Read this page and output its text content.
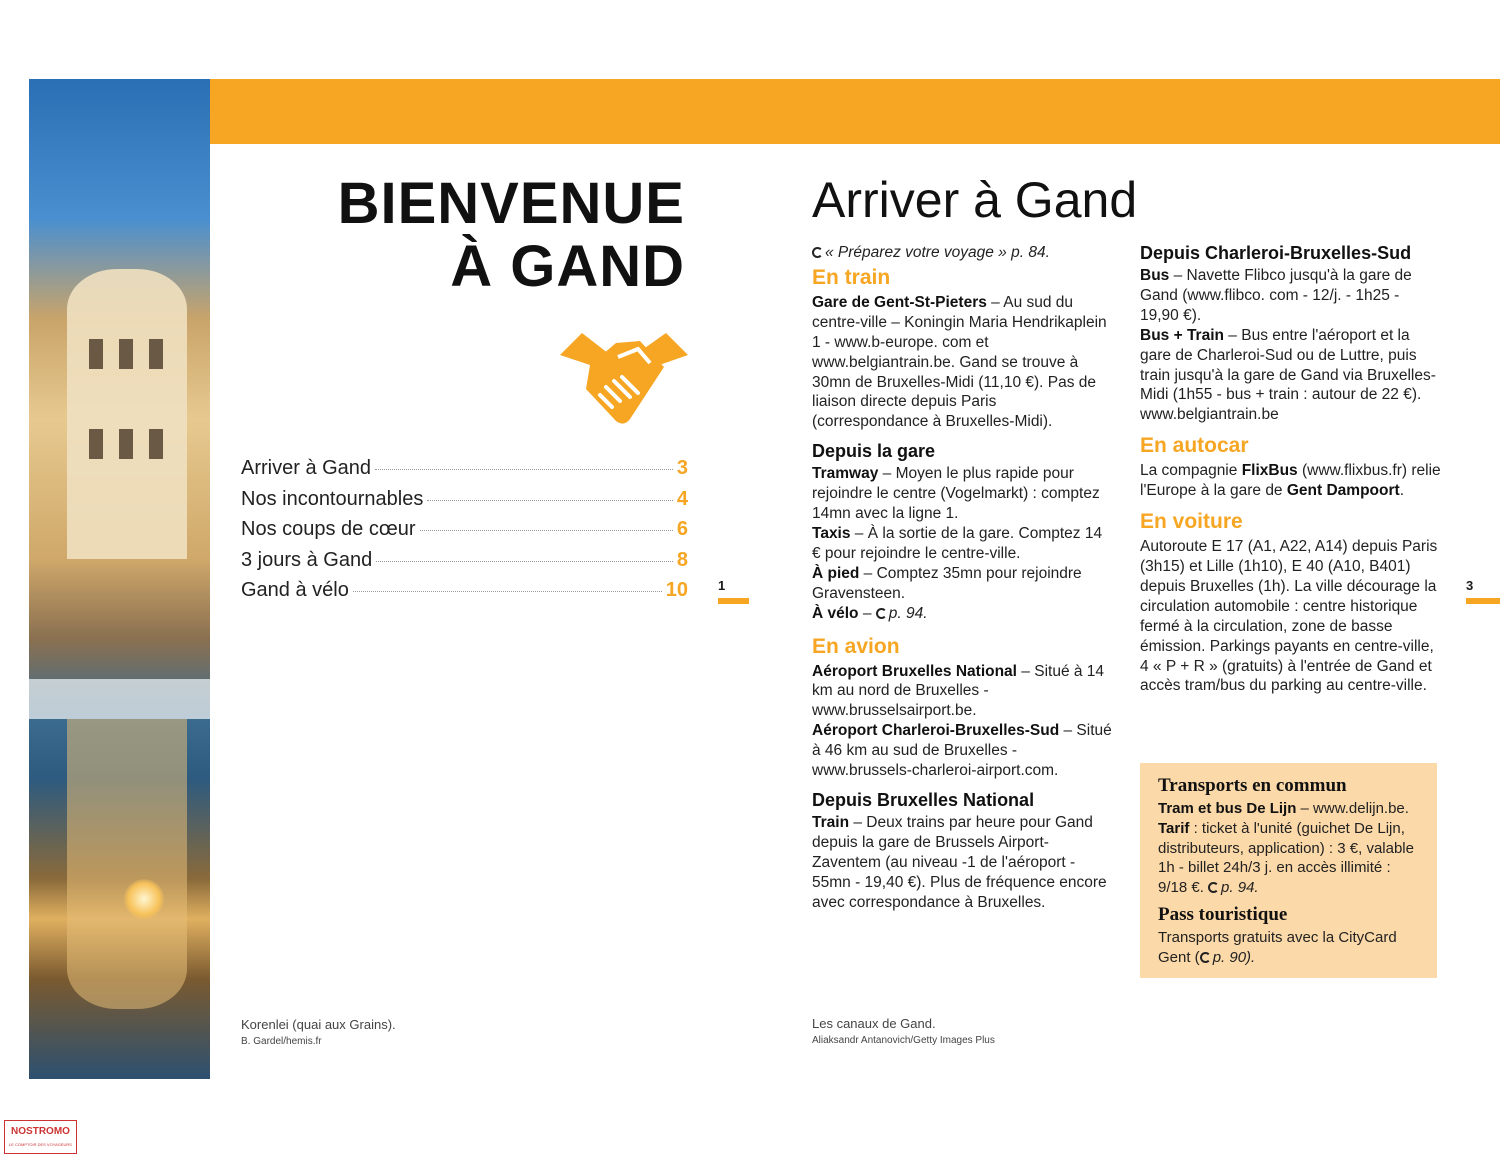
BIENVENUE
À GAND
Arriver à Gand	3
Nos incontournables	4
Nos coups de cœur	6
3 jours à Gand	8
Gand à vélo	10 1
Korenlei (quai aux Grains).
B. Gardel/hemis.fr
Arriver à Gand

« Préparez votre voyage » p. 84.

En train

Gare de Gent-St-Pieters – Au sud du centre-ville – Koningin Maria Hendrikaplein 1 - www.b-europe. com et www.belgiantrain.be. Gand se trouve à 30mn de Bruxelles-Midi (11,10 €). Pas de liaison directe depuis Paris (correspondance à Bruxelles-Midi).

Depuis la gare

Tramway – Moyen le plus rapide pour rejoindre le centre (Vogelmarkt) : comptez 14mn avec la ligne 1.

Taxis – À la sortie de la gare. Comptez 14 € pour rejoindre le centre-ville.

À pied – Comptez 35mn pour rejoindre Gravensteen.

À vélo – p. 94.

En avion

Aéroport Bruxelles National – Situé à 14 km au nord de Bruxelles - www.brusselsairport.be.

Aéroport Charleroi-Bruxelles-Sud – Situé à 46 km au sud de Bruxelles - www.brussels-charleroi-airport.com.

Depuis Bruxelles National

Train – Deux trains par heure pour Gand depuis la gare de Brussels Airport-Zaventem (au niveau -1 de l'aéroport - 55mn - 19,40 €). Plus de fréquence encore avec correspondance à Bruxelles.

Depuis Charleroi-Bruxelles-Sud

Bus – Navette Flibco jusqu'à la gare de Gand (www.flibco. com - 12/j. - 1h25 - 19,90 €).

Bus + Train – Bus entre l'aéroport et la gare de Charleroi-Sud ou de Luttre, puis train jusqu'à la gare de Gand via Bruxelles-Midi (1h55 - bus + train : autour de 22 €). www.belgiantrain.be

En autocar

La compagnie FlixBus (www.flixbus.fr) relie l'Europe à la gare de Gent Dampoort.

En voiture

Autoroute E 17 (A1, A22, A14) depuis Paris (3h15) et Lille (1h10), E 40 (A10, B401) depuis Bruxelles (1h). La ville décourage la circulation automobile : centre historique fermé à la circulation, zone de basse émission. Parkings payants en centre-ville, 4 « P + R » (gratuits) à l'entrée de Gand et accès tram/bus du parking au centre-ville.

Transports en commun

Tram et bus De Lijn – www.delijn.be.

Tarif : ticket à l'unité (guichet De Lijn, distributeurs, application) : 3 €, valable 1h - billet 24h/3 j. en accès illimité : 9/18 €. p. 94.

Pass touristique

Transports gratuits avec la CityCard Gent ( p. 90).

3
Les canaux de Gand.
Aliaksandr Antanovich/Getty Images Plus
NOSTROMO
LE COMPTOIR DES VOYAGEURS
